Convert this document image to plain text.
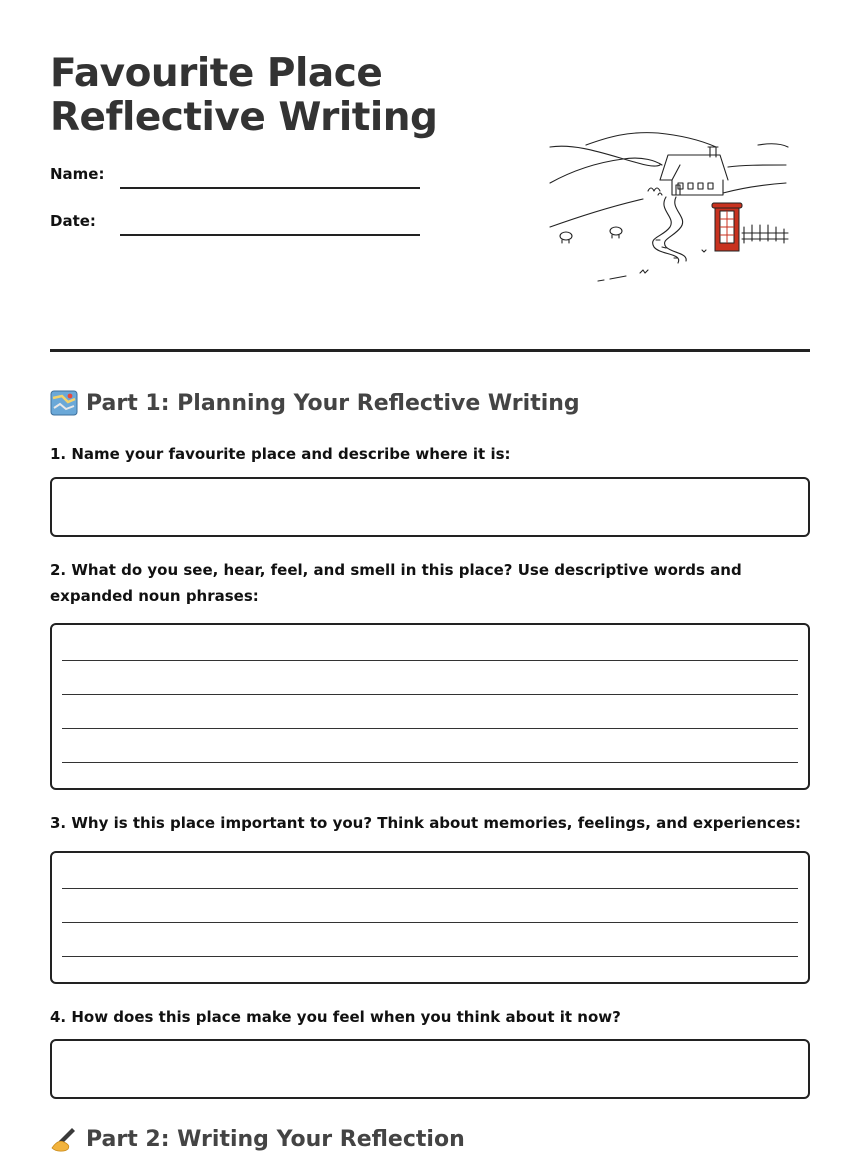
Favourite Place
Reflective Writing
Name:
Date:
Part 1: Planning Your Reflective Writing
1. Name your favourite place and describe where it is:
2. What do you see, hear, feel, and smell in this place? Use descriptive words and expanded noun phrases:
3. Why is this place important to you? Think about memories, feelings, and experiences:
4. How does this place make you feel when you think about it now?
Part 2: Writing Your Reflection
